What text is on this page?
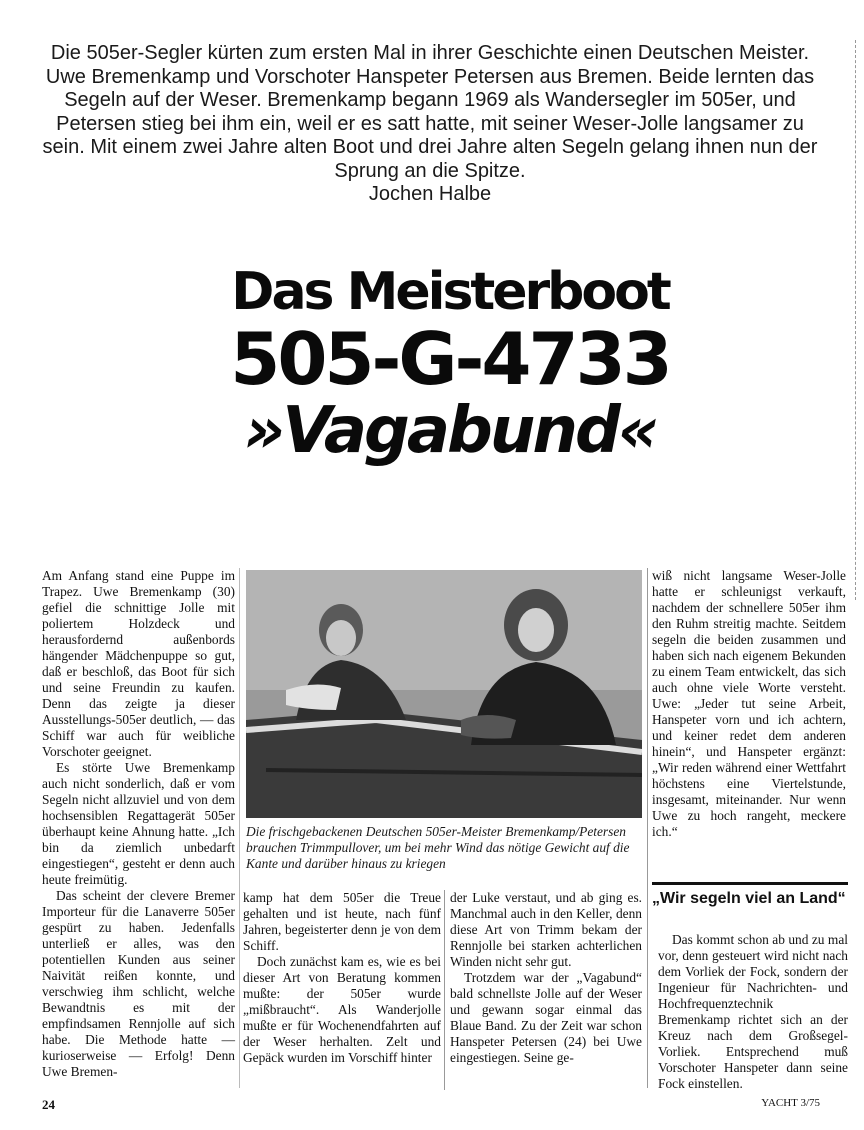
Die 505er-Segler kürten zum ersten Mal in ihrer Geschichte einen Deutschen Meister. Uwe Bremenkamp und Vorschoter Hanspeter Petersen aus Bremen. Beide lernten das Segeln auf der Weser. Bremenkamp begann 1969 als Wandersegler im 505er, und Petersen stieg bei ihm ein, weil er es satt hatte, mit seiner Weser-Jolle langsamer zu sein. Mit einem zwei Jahre alten Boot und drei Jahre alten Segeln gelang ihnen nun der Sprung an die Spitze.
Jochen Halbe
Das Meisterboot
505-G-4733
»Vagabund«

Am Anfang stand eine Puppe im Trapez. Uwe Bremenkamp (30) gefiel die schnittige Jolle mit poliertem Holzdeck und herausfordernd außenbords hängender Mädchenpuppe so gut, daß er beschloß, das Boot für sich und seine Freundin zu kaufen. Denn das zeigte ja dieser Ausstellungs-505er deutlich, — das Schiff war auch für weibliche Vorschoter geeignet.

Es störte Uwe Bremenkamp auch nicht sonderlich, daß er vom Segeln nicht allzuviel und von dem hochsensiblen Regattagerät 505er überhaupt keine Ahnung hatte. „Ich bin da ziemlich unbedarft eingestiegen“, gesteht er denn auch heute freimütig.

Das scheint der clevere Bremer Importeur für die Lanaverre 505er gespürt zu haben. Jedenfalls unterließ er alles, was den potentiellen Kunden aus seiner Naivität reißen konnte, und verschwieg ihm schlicht, welche Bewandtnis es mit der empfindsamen Rennjolle auf sich habe. Die Methode hatte — kurioserweise — Erfolg! Denn Uwe Bremen-

Die frischgebackenen Deutschen 505er-Meister Bremenkamp/Petersen brauchen Trimmpullover, um bei mehr Wind das nötige Gewicht auf die Kante und darüber hinaus zu kriegen

kamp hat dem 505er die Treue gehalten und ist heute, nach fünf Jahren, begeisterter denn je von dem Schiff.

Doch zunächst kam es, wie es bei dieser Art von Beratung kommen mußte: der 505er wurde „mißbraucht“. Als Wanderjolle mußte er für Wochenendfahrten auf der Weser herhalten. Zelt und Gepäck wurden im Vorschiff hinter

der Luke verstaut, und ab ging es. Manchmal auch in den Keller, denn diese Art von Trimm bekam der Rennjolle bei starken achterlichen Winden nicht sehr gut.

Trotzdem war der „Vagabund“ bald schnellste Jolle auf der Weser und gewann sogar einmal das Blaue Band. Zu der Zeit war schon Hanspeter Petersen (24) bei Uwe eingestiegen. Seine ge-

wiß nicht langsame Weser-Jolle hatte er schleunigst verkauft, nachdem der schnellere 505er ihm den Ruhm streitig machte. Seitdem segeln die beiden zusammen und haben sich nach eigenem Bekunden zu einem Team entwickelt, das sich auch ohne viele Worte versteht. Uwe: „Jeder tut seine Arbeit, Hanspeter vorn und ich achtern, und keiner redet dem anderen hinein“, und Hanspeter ergänzt: „Wir reden während einer Wettfahrt höchstens eine Viertelstunde, insgesamt, miteinander. Nur wenn Uwe zu hoch rangeht, meckere ich.“

„Wir segeln viel an Land“

Das kommt schon ab und zu mal vor, denn gesteuert wird nicht nach dem Vorliek der Fock, sondern der Ingenieur für Nachrichten- und Hochfrequenztechnik Bremenkamp richtet sich an der Kreuz nach dem Großsegel-Vorliek. Entsprechend muß Vorschoter Hanspeter dann seine Fock einstellen.

24	YACHT 3/75
